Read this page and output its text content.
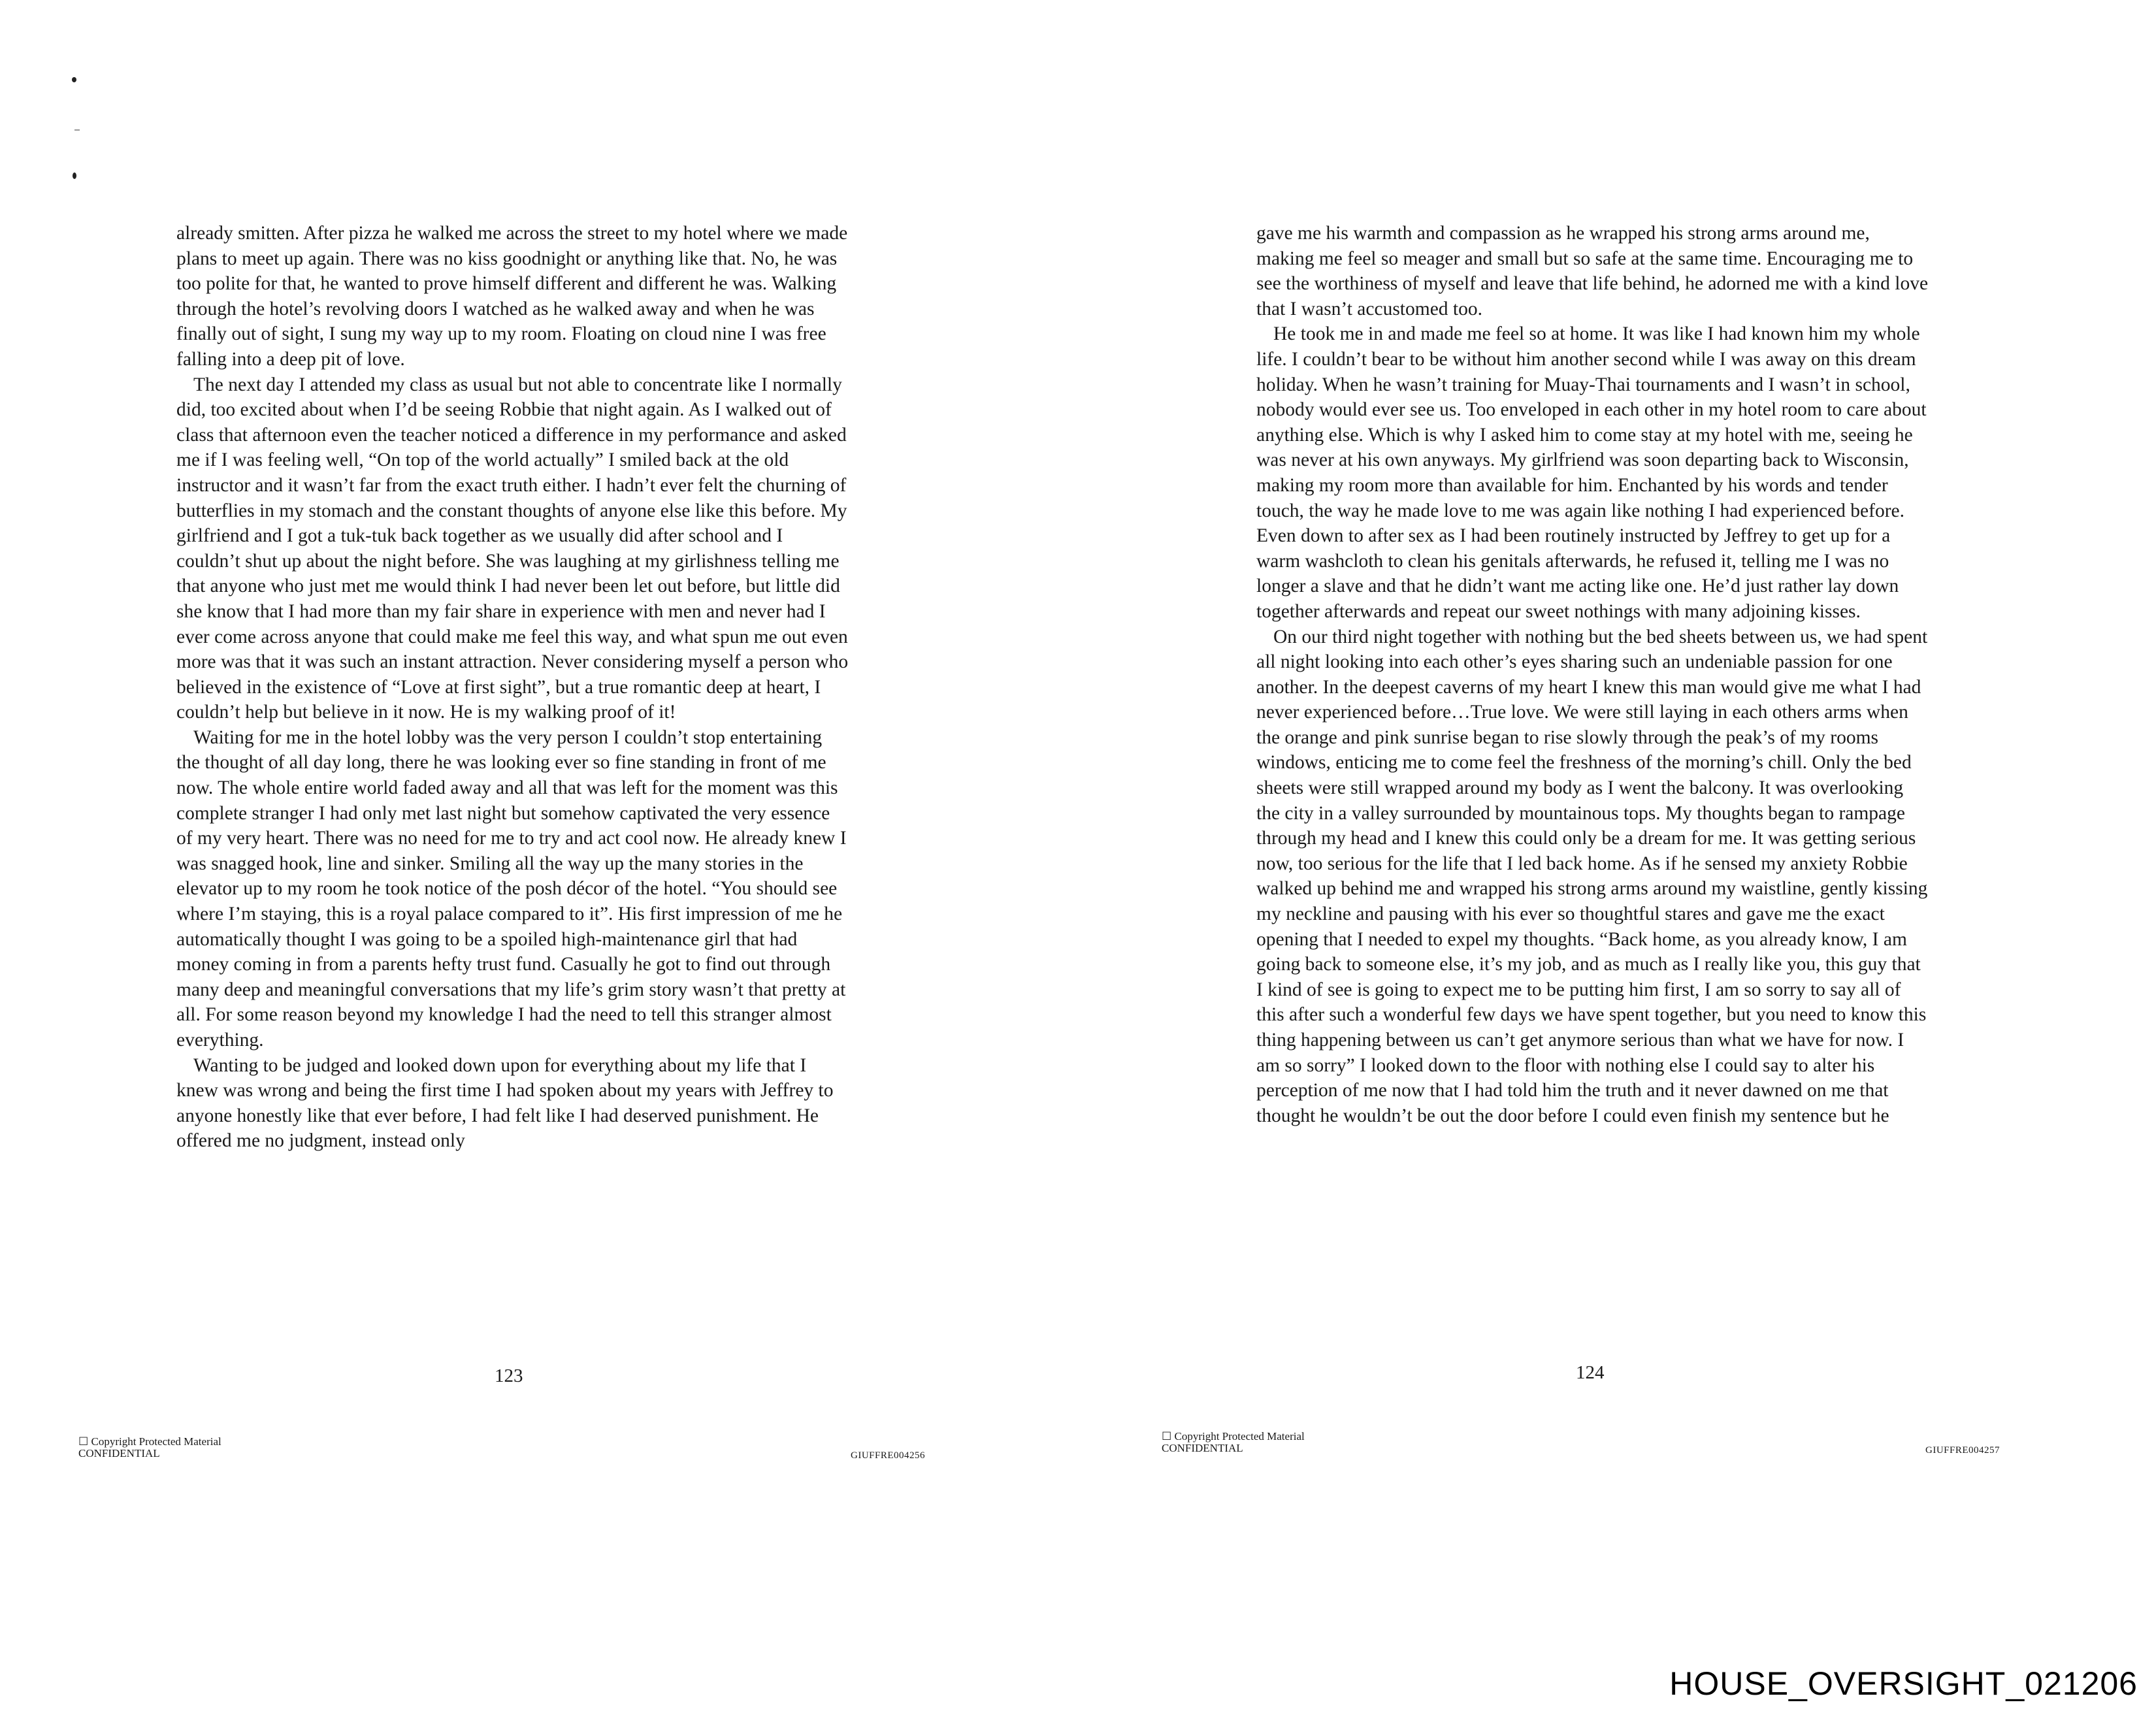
already smitten. After pizza he walked me across the street to my hotel where we made plans to meet up again. There was no kiss goodnight or anything like that. No, he was too polite for that, he wanted to prove himself different and different he was. Walking through the hotel’s revolving doors I watched as he walked away and when he was finally out of sight, I sung my way up to my room. Floating on cloud nine I was free falling into a deep pit of love.

The next day I attended my class as usual but not able to concentrate like I normally did, too excited about when I’d be seeing Robbie that night again. As I walked out of class that afternoon even the teacher noticed a difference in my performance and asked me if I was feeling well, “On top of the world actually” I smiled back at the old instructor and it wasn’t far from the exact truth either. I hadn’t ever felt the churning of butterflies in my stomach and the constant thoughts of anyone else like this before. My girlfriend and I got a tuk-tuk back together as we usually did after school and I couldn’t shut up about the night before. She was laughing at my girlishness telling me that anyone who just met me would think I had never been let out before, but little did she know that I had more than my fair share in experience with men and never had I ever come across anyone that could make me feel this way, and what spun me out even more was that it was such an instant attraction. Never considering myself a person who believed in the existence of “Love at first sight”, but a true romantic deep at heart, I couldn’t help but believe in it now. He is my walking proof of it!

Waiting for me in the hotel lobby was the very person I couldn’t stop entertaining the thought of all day long, there he was looking ever so fine standing in front of me now. The whole entire world faded away and all that was left for the moment was this complete stranger I had only met last night but somehow captivated the very essence of my very heart. There was no need for me to try and act cool now. He already knew I was snagged hook, line and sinker. Smiling all the way up the many stories in the elevator up to my room he took notice of the posh décor of the hotel. “You should see where I’m staying, this is a royal palace compared to it”. His first impression of me he automatically thought I was going to be a spoiled high-maintenance girl that had money coming in from a parents hefty trust fund. Casually he got to find out through many deep and meaningful conversations that my life’s grim story wasn’t that pretty at all. For some reason beyond my knowledge I had the need to tell this stranger almost everything.

Wanting to be judged and looked down upon for everything about my life that I knew was wrong and being the first time I had spoken about my years with Jeffrey to anyone honestly like that ever before, I had felt like I had deserved punishment. He offered me no judgment, instead only

gave me his warmth and compassion as he wrapped his strong arms around me, making me feel so meager and small but so safe at the same time. Encouraging me to see the worthiness of myself and leave that life behind, he adorned me with a kind love that I wasn’t accustomed too.

He took me in and made me feel so at home. It was like I had known him my whole life. I couldn’t bear to be without him another second while I was away on this dream holiday. When he wasn’t training for Muay-Thai tournaments and I wasn’t in school, nobody would ever see us. Too enveloped in each other in my hotel room to care about anything else. Which is why I asked him to come stay at my hotel with me, seeing he was never at his own anyways. My girlfriend was soon departing back to Wisconsin, making my room more than available for him. Enchanted by his words and tender touch, the way he made love to me was again like nothing I had experienced before. Even down to after sex as I had been routinely instructed by Jeffrey to get up for a warm washcloth to clean his genitals afterwards, he refused it, telling me I was no longer a slave and that he didn’t want me acting like one. He’d just rather lay down together afterwards and repeat our sweet nothings with many adjoining kisses.

On our third night together with nothing but the bed sheets between us, we had spent all night looking into each other’s eyes sharing such an undeniable passion for one another. In the deepest caverns of my heart I knew this man would give me what I had never experienced before…True love. We were still laying in each others arms when the orange and pink sunrise began to rise slowly through the peak’s of my rooms windows, enticing me to come feel the freshness of the morning’s chill. Only the bed sheets were still wrapped around my body as I went the balcony. It was overlooking the city in a valley surrounded by mountainous tops. My thoughts began to rampage through my head and I knew this could only be a dream for me. It was getting serious now, too serious for the life that I led back home. As if he sensed my anxiety Robbie walked up behind me and wrapped his strong arms around my waistline, gently kissing my neckline and pausing with his ever so thoughtful stares and gave me the exact opening that I needed to expel my thoughts. “Back home, as you already know, I am going back to someone else, it’s my job, and as much as I really like you, this guy that I kind of see is going to expect me to be putting him first, I am so sorry to say all of this after such a wonderful few days we have spent together, but you need to know this thing happening between us can’t get anymore serious than what we have for now. I am so sorry” I looked down to the floor with nothing else I could say to alter his perception of me now that I had told him the truth and it never dawned on me that thought he wouldn’t be out the door before I could even finish my sentence but he

123	124
☐ Copyright Protected Material
CONFIDENTIAL	GIUFFRE004256
☐ Copyright Protected Material
CONFIDENTIAL	GIUFFRE004257
HOUSE_OVERSIGHT_021206
